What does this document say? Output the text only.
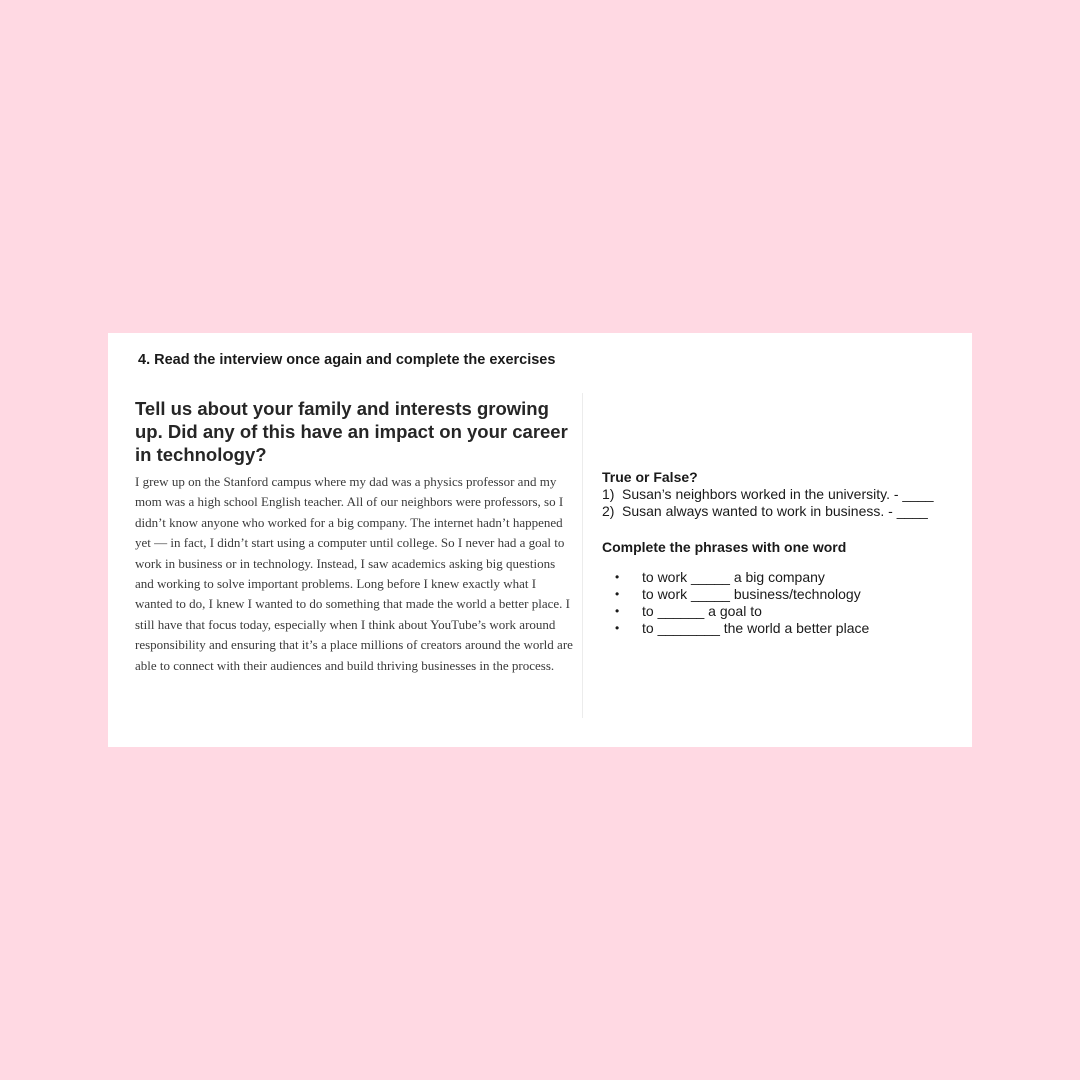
4. Read the interview once again and complete the exercises

Tell us about your family and interests growing up. Did any of this have an impact on your career in technology?

I grew up on the Stanford campus where my dad was a physics professor and my mom was a high school English teacher. All of our neighbors were professors, so I didn’t know anyone who worked for a big company. The internet hadn’t happened yet — in fact, I didn’t start using a computer until college. So I never had a goal to work in business or in technology. Instead, I saw academics asking big questions and working to solve important problems. Long before I knew exactly what I wanted to do, I knew I wanted to do something that made the world a better place. I still have that focus today, especially when I think about YouTube’s work around responsibility and ensuring that it’s a place millions of creators around the world are able to connect with their audiences and build thriving businesses in the process.

True or False?
1) Susan’s neighbors worked in the university. - ____
2) Susan always wanted to work in business. - ____
Complete the phrases with one word
• to work _____ a big company
• to work _____ business/technology
• to ______ a goal to
• to ________ the world a better place
